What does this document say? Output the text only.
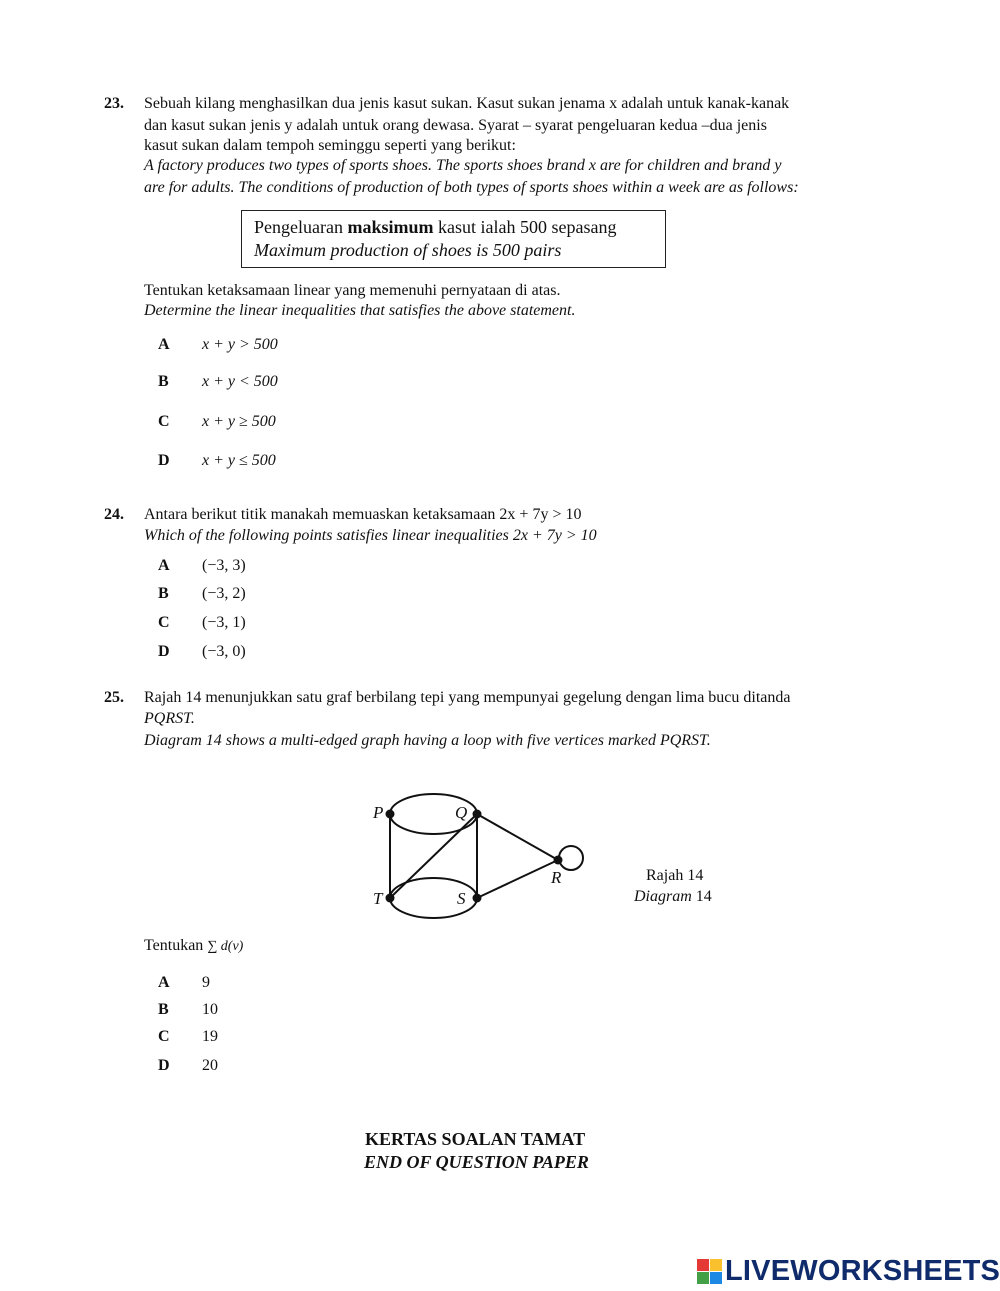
23. Sebuah kilang menghasilkan dua jenis kasut sukan. Kasut sukan jenama x adalah untuk kanak-kanak
dan kasut sukan jenis y adalah untuk orang dewasa. Syarat – syarat pengeluaran kedua –dua jenis
kasut sukan dalam tempoh seminggu seperti yang berikut:
A factory produces two types of sports shoes. The sports shoes brand x are for children and brand y
are for adults. The conditions of production of both types of sports shoes within a week are as follows:
Pengeluaran maksimum kasut ialah 500 sepasang
Maximum production of shoes is 500 pairs
Tentukan ketaksamaan linear yang memenuhi pernyataan di atas.
Determine the linear inequalities that satisfies the above statement.
A x + y > 500
B x + y < 500
C x + y ≥ 500
D x + y ≤ 500
24. Antara berikut titik manakah memuaskan ketaksamaan 2x + 7y > 10
Which of the following points satisfies linear inequalities 2x + 7y > 10
A (−3, 3)
B (−3, 2)
C (−3, 1)
D (−3, 0)
25. Rajah 14 menunjukkan satu graf berbilang tepi yang mempunyai gegelung dengan lima bucu ditanda
PQRST.
Diagram 14 shows a multi-edged graph having a loop with five vertices marked PQRST.
P	Q
R
S
T
Rajah 14
Diagram 14
Tentukan ∑ d(v)
A 9
B 10
C 19
D 20
KERTAS SOALAN TAMAT
END OF QUESTION PAPER
LIVEWORKSHEETS
